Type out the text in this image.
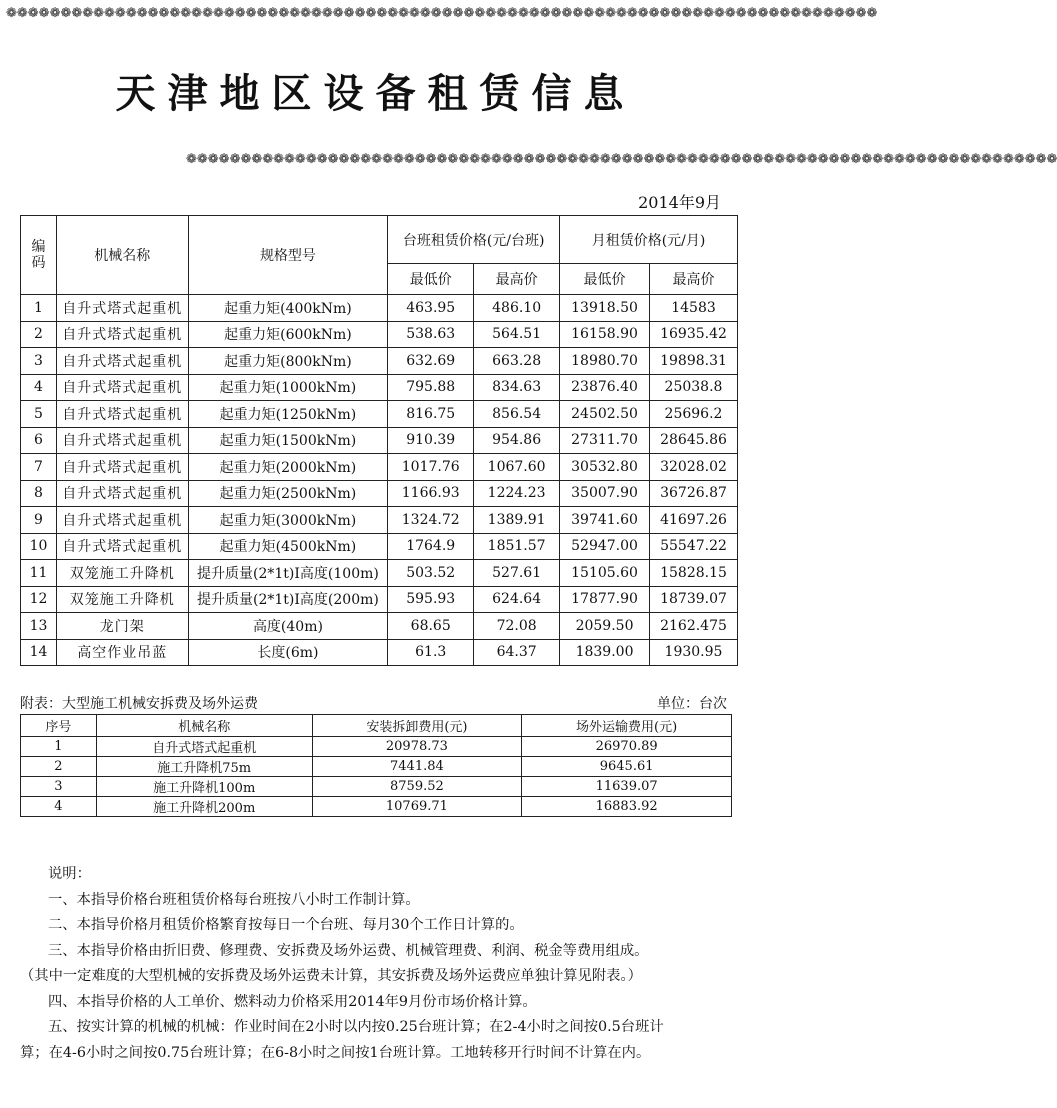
❁❁❁❁❁❁❁❁❁❁❁❁❁❁❁❁❁❁❁❁❁❁❁❁❁❁❁❁❁❁❁❁❁❁❁❁❁❁❁❁❁❁❁❁❁❁❁❁❁❁❁❁❁❁❁❁❁❁❁❁❁❁❁❁❁❁❁❁❁❁❁❁❁❁❁❁❁❁❁❁
天津地区设备租赁信息
❁❁❁❁❁❁❁❁❁❁❁❁❁❁❁❁❁❁❁❁❁❁❁❁❁❁❁❁❁❁❁❁❁❁❁❁❁❁❁❁❁❁❁❁❁❁❁❁❁❁❁❁❁❁❁❁❁❁❁❁❁❁❁❁❁❁❁❁❁❁❁❁❁❁❁❁❁❁❁❁
2014年9月
编码	机械名称	规格型号	台班租赁价格(元/台班)		月租赁价格(元/月)	
			最低价	最高价	最低价	最高价
1	自升式塔式起重机	起重力矩(400kNm)	463.95	486.10	13918.50	14583
2	自升式塔式起重机	起重力矩(600kNm)	538.63	564.51	16158.90	16935.42
3	自升式塔式起重机	起重力矩(800kNm)	632.69	663.28	18980.70	19898.31
4	自升式塔式起重机	起重力矩(1000kNm)	795.88	834.63	23876.40	25038.8
5	自升式塔式起重机	起重力矩(1250kNm)	816.75	856.54	24502.50	25696.2
6	自升式塔式起重机	起重力矩(1500kNm)	910.39	954.86	27311.70	28645.86
7	自升式塔式起重机	起重力矩(2000kNm)	1017.76	1067.60	30532.80	32028.02
8	自升式塔式起重机	起重力矩(2500kNm)	1166.93	1224.23	35007.90	36726.87
9	自升式塔式起重机	起重力矩(3000kNm)	1324.72	1389.91	39741.60	41697.26
10	自升式塔式起重机	起重力矩(4500kNm)	1764.9	1851.57	52947.00	55547.22
11	双笼施工升降机	提升质量(2*1t)Ⅰ高度(100m)	503.52	527.61	15105.60	15828.15
12	双笼施工升降机	提升质量(2*1t)Ⅰ高度(200m)	595.93	624.64	17877.90	18739.07
13	龙门架	高度(40m)	68.65	72.08	2059.50	2162.475
14	高空作业吊蓝	长度(6m)	61.3	64.37	1839.00	1930.95
附表：大型施工机械安拆费及场外运费	单位：台次
序号	机械名称	安装拆卸费用(元)	场外运输费用(元)
1	自升式塔式起重机	20978.73	26970.89
2	施工升降机75m	7441.84	9645.61
3	施工升降机100m	8759.52	11639.07
4	施工升降机200m	10769.71	16883.92

说明：

一、本指导价格台班租赁价格每台班按八小时工作制计算。

二、本指导价格月租赁价格繁育按每日一个台班、每月30个工作日计算的。

三、本指导价格由折旧费、修理费、安拆费及场外运费、机械管理费、利润、税金等费用组成。

（其中一定难度的大型机械的安拆费及场外运费未计算，其安拆费及场外运费应单独计算见附表。）

四、本指导价格的人工单价、燃料动力价格采用2014年9月份市场价格计算。

五、按实计算的机械的机械：作业时间在2小时以内按0.25台班计算；在2-4小时之间按0.5台班计

算；在4-6小时之间按0.75台班计算；在6-8小时之间按1台班计算。工地转移开行时间不计算在内。
